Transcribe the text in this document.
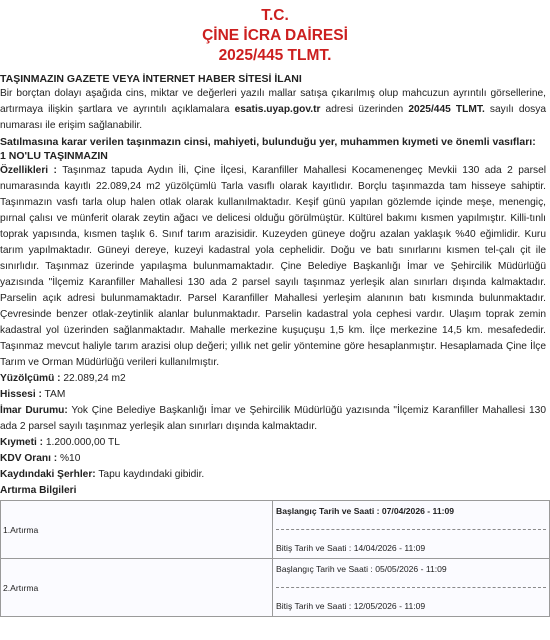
T.C.
ÇİNE İCRA DAİRESİ
2025/445 TLMT.
TAŞINMAZIN GAZETE VEYA İNTERNET HABER SİTESİ İLANI

Bir borçtan dolayı aşağıda cins, miktar ve değerleri yazılı mallar satışa çıkarılmış olup mahcuzun ayrıntılı görsellerine, artırmaya ilişkin şartlara ve ayrıntılı açıklamalara esatis.uyap.gov.tr adresi üzerinden 2025/445 TLMT. sayılı dosya numarası ile erişim sağlanabilir.

Satılmasına karar verilen taşınmazın cinsi, mahiyeti, bulunduğu yer, muhammen kıymeti ve önemli vasıfları:
1 NO'LU TAŞINMAZIN

Özellikleri : Taşınmaz tapuda Aydın İli, Çine İlçesi, Karanfiller Mahallesi Kocamenengeç Mevkii 130 ada 2 parsel numarasında kayıtlı 22.089,24 m2 yüzölçümlü Tarla vasıflı olarak kayıtlıdır. Borçlu taşınmazda tam hisseye sahiptir. Taşınmazın vasfı tarla olup halen otlak olarak kullanılmaktadır. Keşif günü yapılan gözlemde içinde meşe, menengiç, pırnal çalısı ve münferit olarak zeytin ağacı ve delicesi olduğu görülmüştür. Kültürel bakımı kısmen yapılmıştır. Killi-tınlı toprak yapısında, kısmen taşlık 6. Sınıf tarım arazisidir. Kuzeyden güneye doğru azalan yaklaşık %40 eğimlidir. Kuru tarım yapılmaktadır. Güneyi dereye, kuzeyi kadastral yola cephelidir. Doğu ve batı sınırlarını kısmen tel-çalı çit ile sınırlıdır. Taşınmaz üzerinde yapılaşma bulunmamaktadır. Çine Belediye Başkanlığı İmar ve Şehircilik Müdürlüğü yazısında "İlçemiz Karanfiller Mahallesi 130 ada 2 parsel sayılı taşınmaz yerleşik alan sınırları dışında kalmaktadır. Parselin açık adresi bulunmamaktadır. Parsel Karanfiller Mahallesi yerleşim alanının batı kısmında bulunmaktadır. Çevresinde benzer otlak-zeytinlik alanlar bulunmaktadır. Parselin kadastral yola cephesi vardır. Ulaşım toprak zemin kadastral yol üzerinden sağlanmaktadır. Mahalle merkezine kuşuçuşu 1,5 km. İlçe merkezine 14,5 km. mesafededir. Taşınmaz mevcut haliyle tarım arazisi olup değeri; yıllık net gelir yöntemine göre hesaplanmıştır. Hesaplamada Çine İlçe Tarım ve Orman Müdürlüğü verileri kullanılmıştır.

Yüzölçümü : 22.089,24 m2

Hissesi : TAM

İmar Durumu: Yok Çine Belediye Başkanlığı İmar ve Şehircilik Müdürlüğü yazısında "İlçemiz Karanfiller Mahallesi 130 ada 2 parsel sayılı taşınmaz yerleşik alan sınırları dışında kalmaktadır.

Kıymeti : 1.200.000,00 TL

KDV Oranı : %10

Kaydındaki Şerhler: Tapu kaydındaki gibidir.

Artırma Bilgileri

1.Artırma	Başlangıç Tarih ve Saati : 07/04/2026 - 11:09
Bitiş Tarih ve Saati : 14/04/2026 - 11:09

2.Artırma	Başlangıç Tarih ve Saati : 05/05/2026 - 11:09
Bitiş Tarih ve Saati : 12/05/2026 - 11:09
